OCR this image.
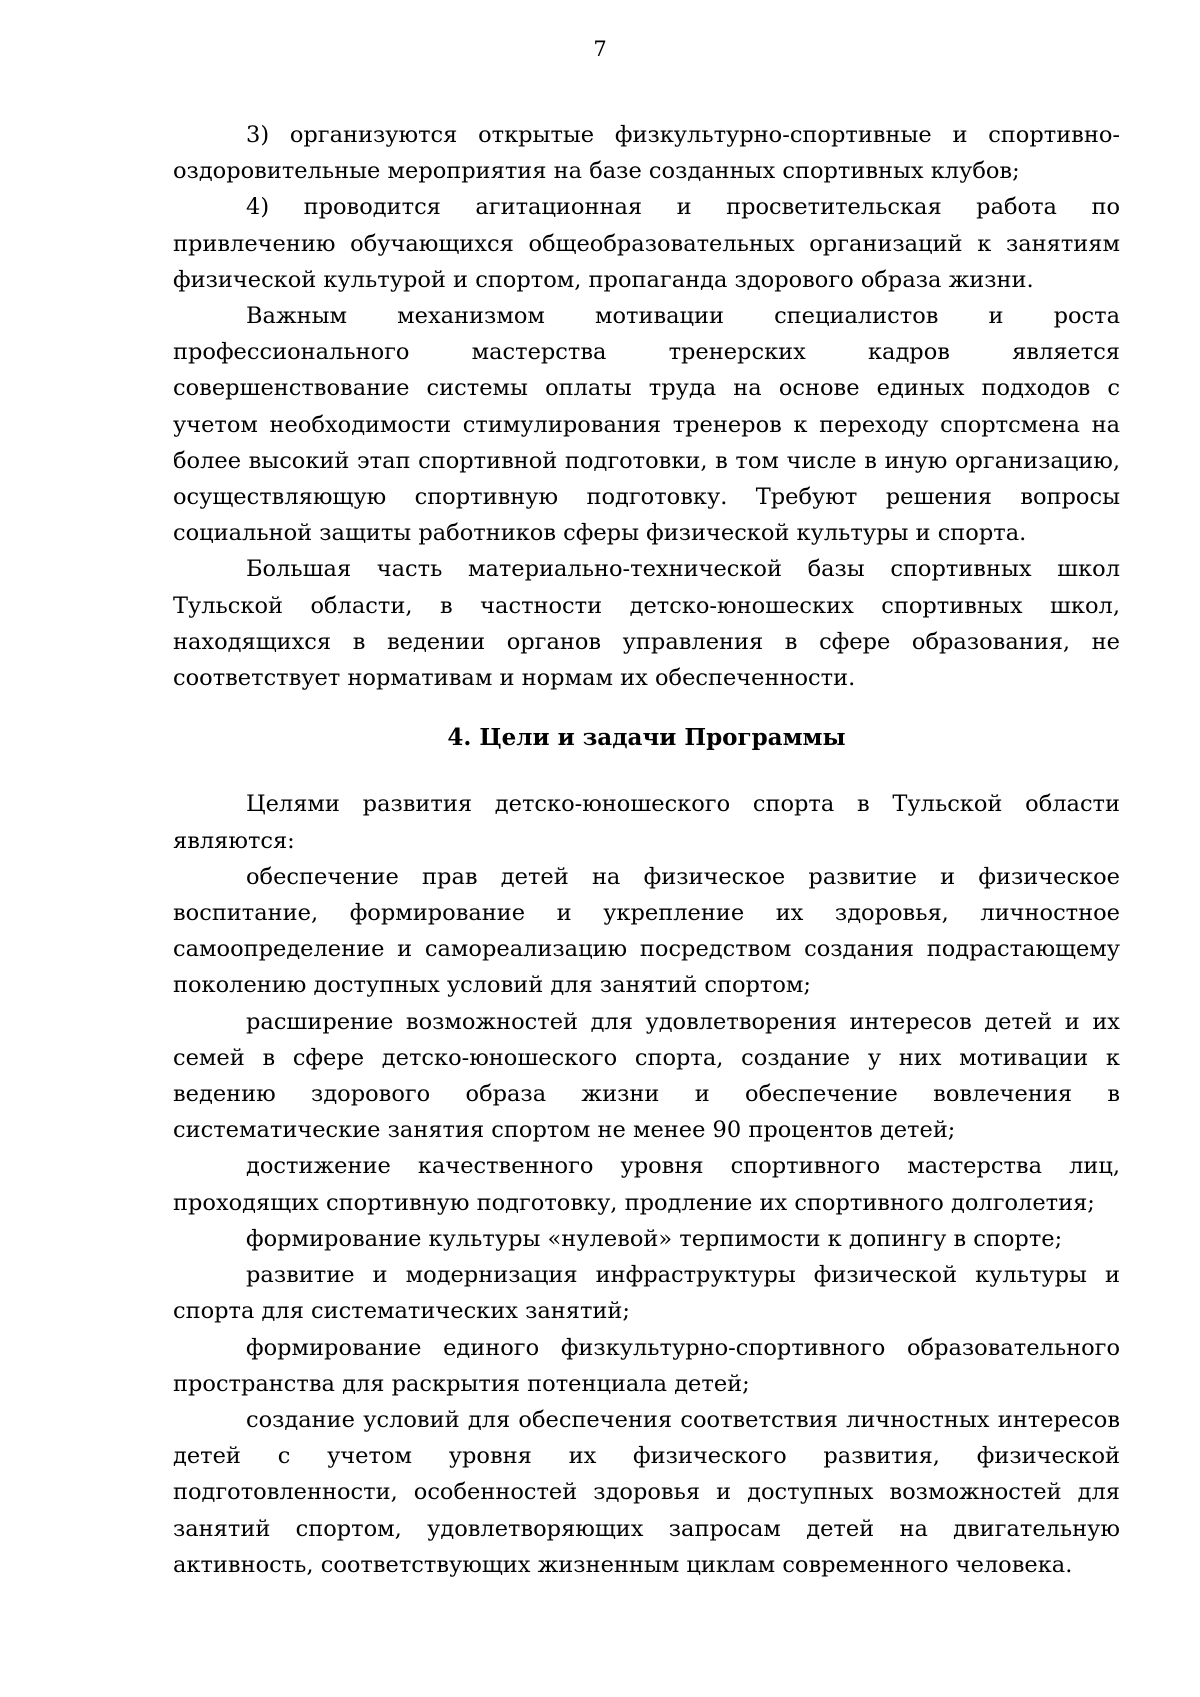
7

3) организуются открытые физкультурно-спортивные и спортивно-оздоровительные мероприятия на базе созданных спортивных клубов;

4) проводится агитационная и просветительская работа по привлечению обучающихся общеобразовательных организаций к занятиям физической культурой и спортом, пропаганда здорового образа жизни.

Важным механизмом мотивации специалистов и роста профессионального мастерства тренерских кадров является совершенствование системы оплаты труда на основе единых подходов с учетом необходимости стимулирования тренеров к переходу спортсмена на более высокий этап спортивной подготовки, в том числе в иную организацию, осуществляющую спортивную подготовку. Требуют решения вопросы социальной защиты работников сферы физической культуры и спорта.

Большая часть материально-технической базы спортивных школ Тульской области, в частности детско-юношеских спортивных школ, находящихся в ведении органов управления в сфере образования, не соответствует нормативам и нормам их обеспеченности.

4. Цели и задачи Программы

Целями развития детско-юношеского спорта в Тульской области являются:

обеспечение прав детей на физическое развитие и физическое воспитание, формирование и укрепление их здоровья, личностное самоопределение и самореализацию посредством создания подрастающему поколению доступных условий для занятий спортом;

расширение возможностей для удовлетворения интересов детей и их семей в сфере детско-юношеского спорта, создание у них мотивации к ведению здорового образа жизни и обеспечение вовлечения в систематические занятия спортом не менее 90 процентов детей;

достижение качественного уровня спортивного мастерства лиц, проходящих спортивную подготовку, продление их спортивного долголетия;

формирование культуры «нулевой» терпимости к допингу в спорте;

развитие и модернизация инфраструктуры физической культуры и спорта для систематических занятий;

формирование единого физкультурно-спортивного образовательного пространства для раскрытия потенциала детей;

создание условий для обеспечения соответствия личностных интересов детей с учетом уровня их физического развития, физической подготовленности, особенностей здоровья и доступных возможностей для занятий спортом, удовлетворяющих запросам детей на двигательную активность, соответствующих жизненным циклам современного человека.
